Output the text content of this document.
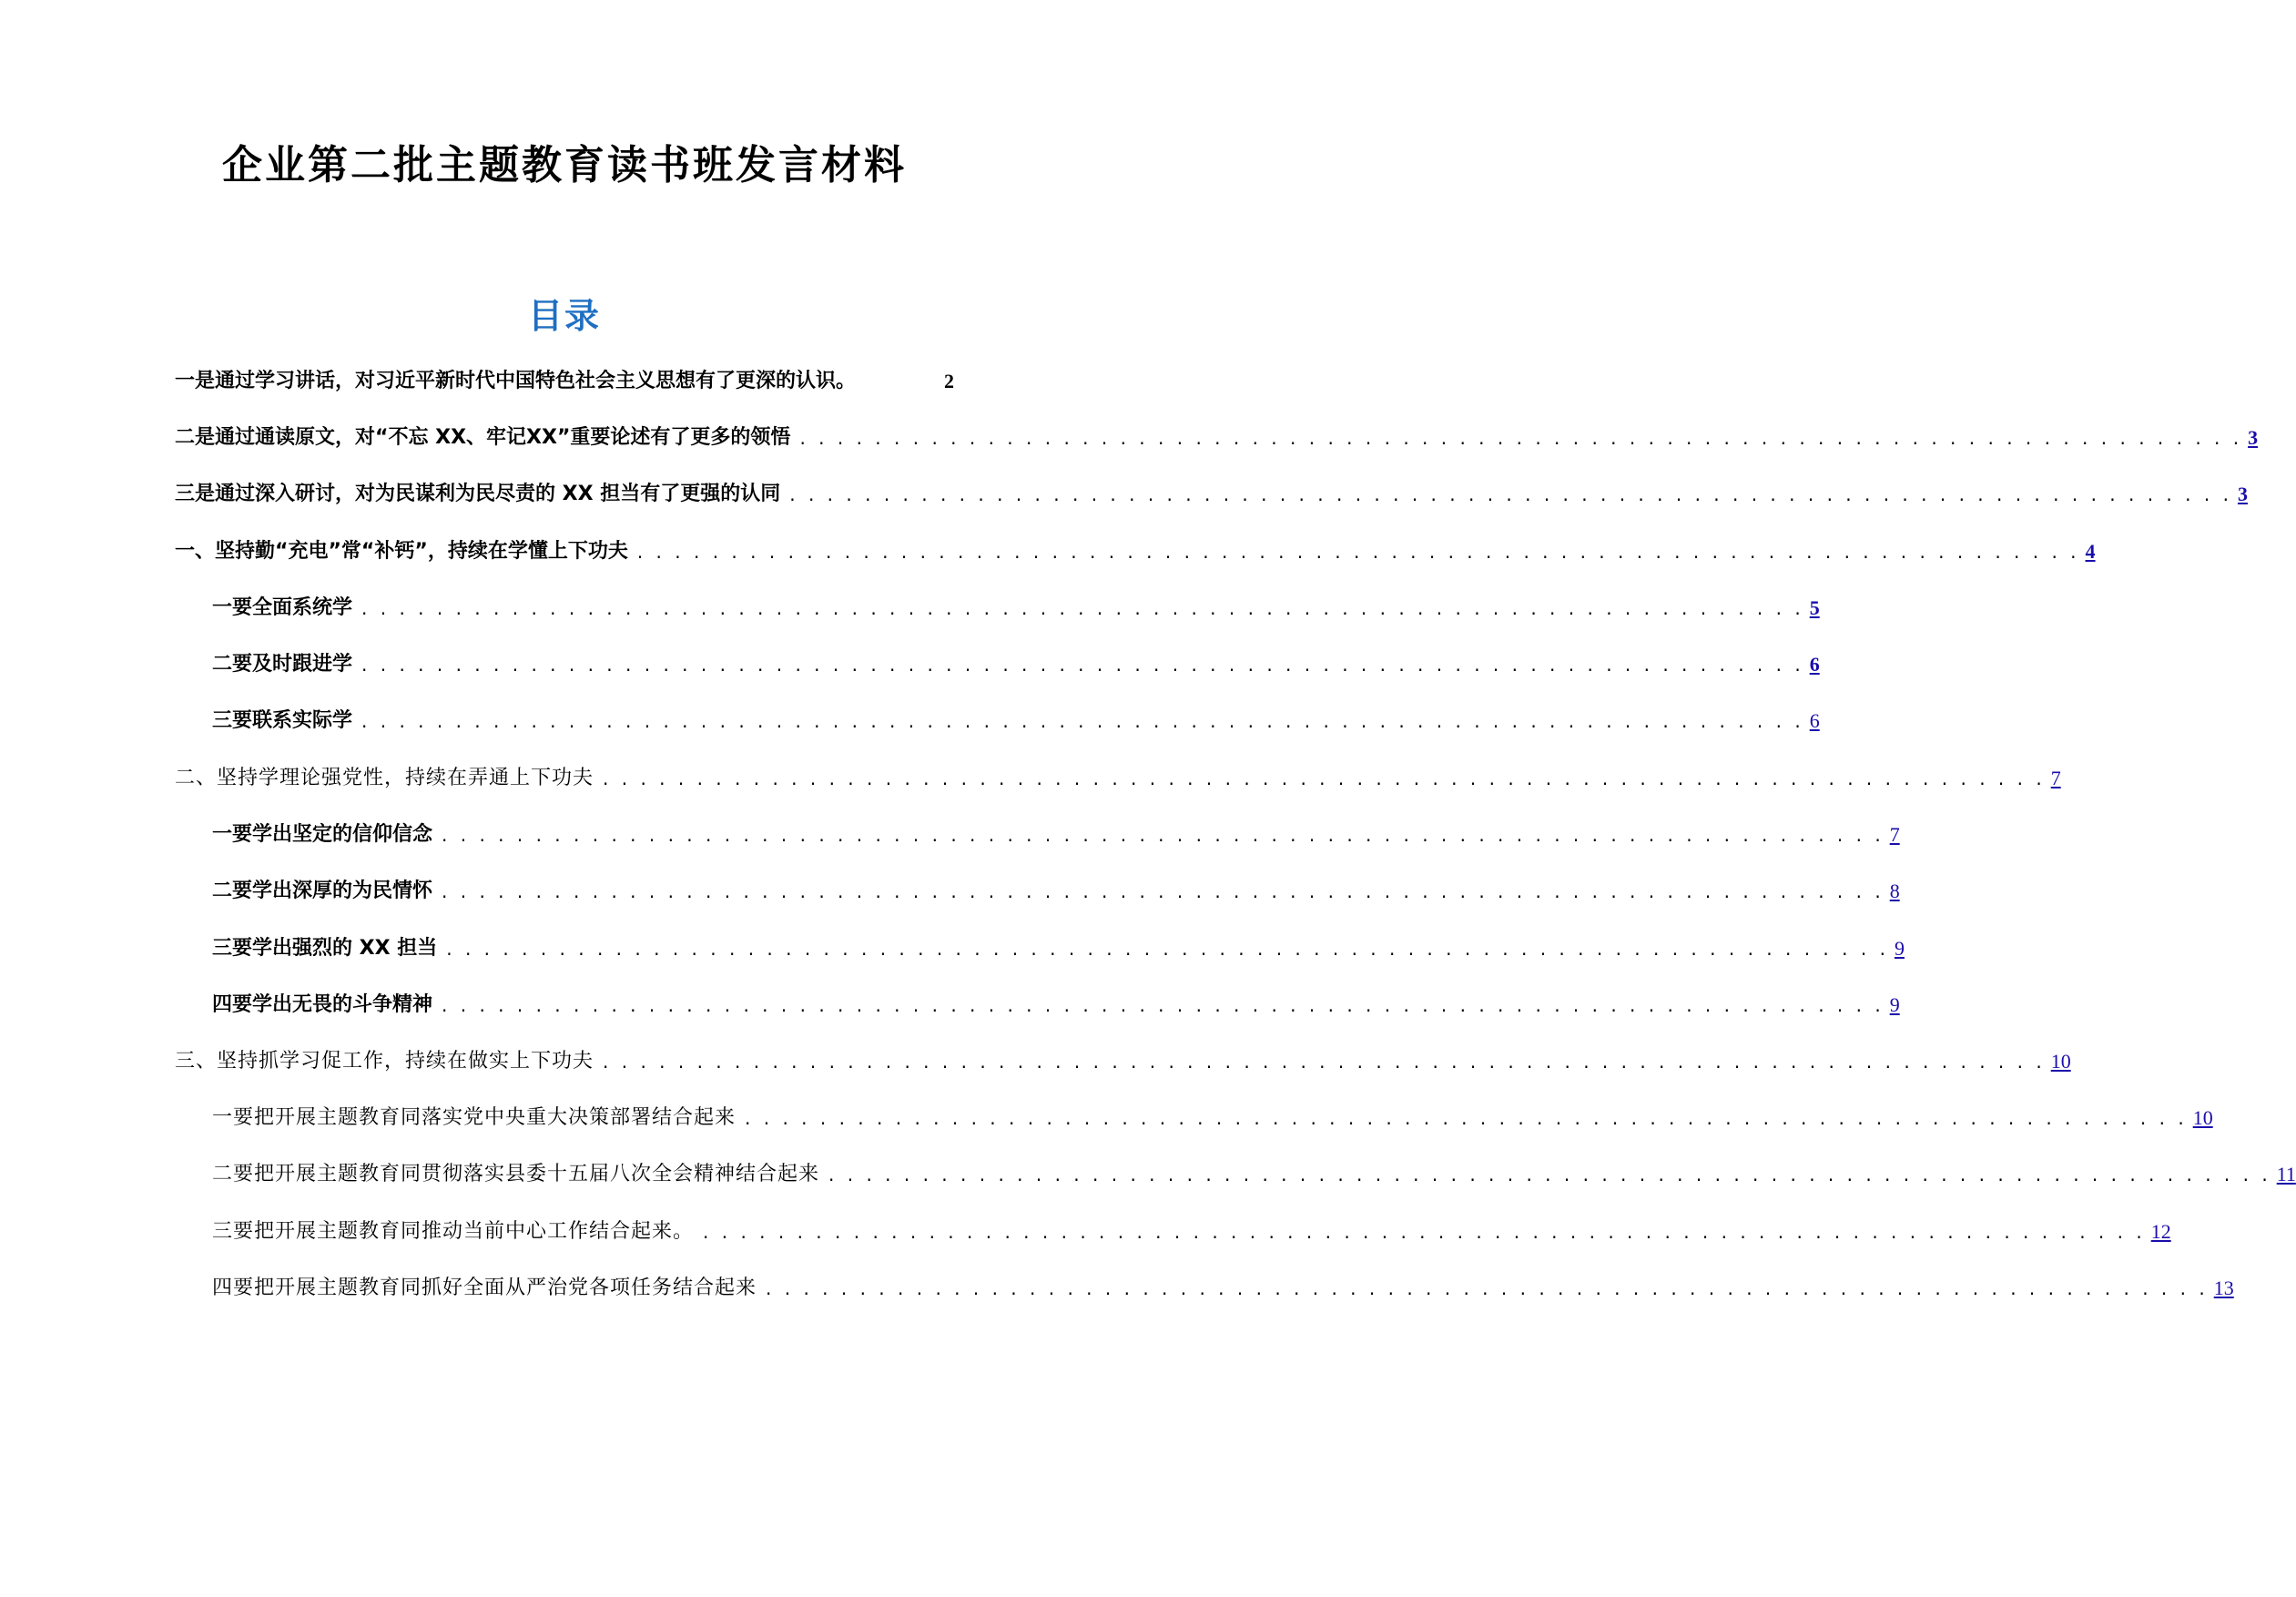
企业第二批主题教育读书班发言材料
目录
一是通过学习讲话，对习近平新时代中国特色社会主义思想有了更深的认识。	2
二是通过通读原文，对“不忘 XX、牢记XX”重要论述有了更多的领悟 . . . . . . . . . . . . . . . . . . . . . . . . . . . . . . . . . . . . . . . . . . . . . . . . . . . . . . . . . . . . . . . . . . . . . . . . . . . . . 3
三是通过深入研讨，对为民谋利为民尽责的 XX 担当有了更强的认同 . . . . . . . . . . . . . . . . . . . . . . . . . . . . . . . . . . . . . . . . . . . . . . . . . . . . . . . . . . . . . . . . . . . . . . . . . . . . . 3
一、坚持勤“充电”常“补钙”，持续在学懂上下功夫 . . . . . . . . . . . . . . . . . . . . . . . . . . . . . . . . . . . . . . . . . . . . . . . . . . . . . . . . . . . . . . . . . . . . . . . . . . . . . 4
一要全面系统学 . . . . . . . . . . . . . . . . . . . . . . . . . . . . . . . . . . . . . . . . . . . . . . . . . . . . . . . . . . . . . . . . . . . . . . . . . . . . . 5
二要及时跟进学 . . . . . . . . . . . . . . . . . . . . . . . . . . . . . . . . . . . . . . . . . . . . . . . . . . . . . . . . . . . . . . . . . . . . . . . . . . . . . 6
三要联系实际学 . . . . . . . . . . . . . . . . . . . . . . . . . . . . . . . . . . . . . . . . . . . . . . . . . . . . . . . . . . . . . . . . . . . . . . . . . . . . . 6
二、坚持学理论强党性，持续在弄通上下功夫 . . . . . . . . . . . . . . . . . . . . . . . . . . . . . . . . . . . . . . . . . . . . . . . . . . . . . . . . . . . . . . . . . . . . . . . . . . . . . 7
一要学出坚定的信仰信念 . . . . . . . . . . . . . . . . . . . . . . . . . . . . . . . . . . . . . . . . . . . . . . . . . . . . . . . . . . . . . . . . . . . . . . . . . . . . . 7
二要学出深厚的为民情怀 . . . . . . . . . . . . . . . . . . . . . . . . . . . . . . . . . . . . . . . . . . . . . . . . . . . . . . . . . . . . . . . . . . . . . . . . . . . . . 8
三要学出强烈的 XX 担当 . . . . . . . . . . . . . . . . . . . . . . . . . . . . . . . . . . . . . . . . . . . . . . . . . . . . . . . . . . . . . . . . . . . . . . . . . . . . . 9
四要学出无畏的斗争精神 . . . . . . . . . . . . . . . . . . . . . . . . . . . . . . . . . . . . . . . . . . . . . . . . . . . . . . . . . . . . . . . . . . . . . . . . . . . . . 9
三、坚持抓学习促工作，持续在做实上下功夫 . . . . . . . . . . . . . . . . . . . . . . . . . . . . . . . . . . . . . . . . . . . . . . . . . . . . . . . . . . . . . . . . . . . . . . . . . . . . . 10
一要把开展主题教育同落实党中央重大决策部署结合起来 . . . . . . . . . . . . . . . . . . . . . . . . . . . . . . . . . . . . . . . . . . . . . . . . . . . . . . . . . . . . . . . . . . . . . . . . . . . . . 10
二要把开展主题教育同贯彻落实县委十五届八次全会精神结合起来 . . . . . . . . . . . . . . . . . . . . . . . . . . . . . . . . . . . . . . . . . . . . . . . . . . . . . . . . . . . . . . . . . . . . . . . . . . . . . 11
三要把开展主题教育同推动当前中心工作结合起来。 . . . . . . . . . . . . . . . . . . . . . . . . . . . . . . . . . . . . . . . . . . . . . . . . . . . . . . . . . . . . . . . . . . . . . . . . . . . . . 12
四要把开展主题教育同抓好全面从严治党各项任务结合起来 . . . . . . . . . . . . . . . . . . . . . . . . . . . . . . . . . . . . . . . . . . . . . . . . . . . . . . . . . . . . . . . . . . . . . . . . . . . . . 13
